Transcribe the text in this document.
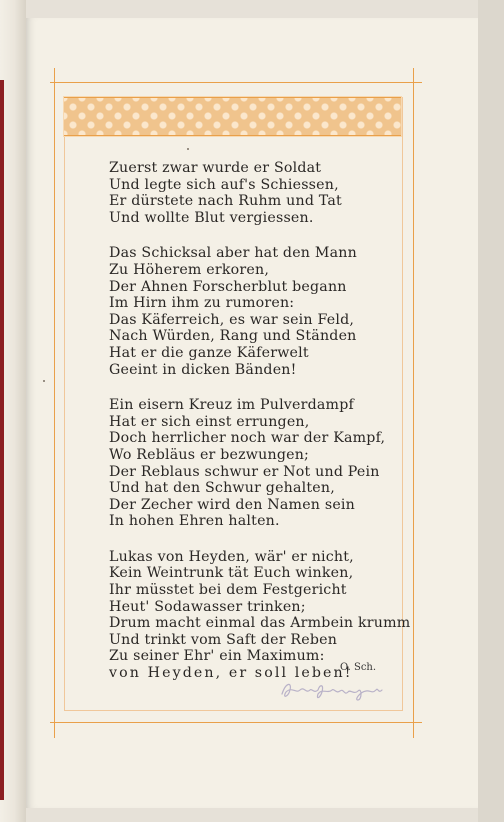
Zuerst zwar wurde er Soldat
Und legte sich auf's Schiessen,
Er dürstete nach Ruhm und Tat
Und wollte Blut vergiessen.
Das Schicksal aber hat den Mann
Zu Höherem erkoren,
Der Ahnen Forscherblut begann
Im Hirn ihm zu rumoren:
Das Käferreich, es war sein Feld,
Nach Würden, Rang und Ständen
Hat er die ganze Käferwelt
Geeint in dicken Bänden!
Ein eisern Kreuz im Pulverdampf
Hat er sich einst errungen,
Doch herrlicher noch war der Kampf,
Wo Rebläus er bezwungen;
Der Reblaus schwur er Not und Pein
Und hat den Schwur gehalten,
Der Zecher wird den Namen sein
In hohen Ehren halten.
Lukas von Heyden, wär' er nicht,
Kein Weintrunk tät Euch winken,
Ihr müsstet bei dem Festgericht
Heut' Sodawasser trinken;
Drum macht einmal das Armbein krumm
Und trinkt vom Saft der Reben
Zu seiner Ehr' ein Maximum:
von Heyden, er soll leben!
O. Sch.
